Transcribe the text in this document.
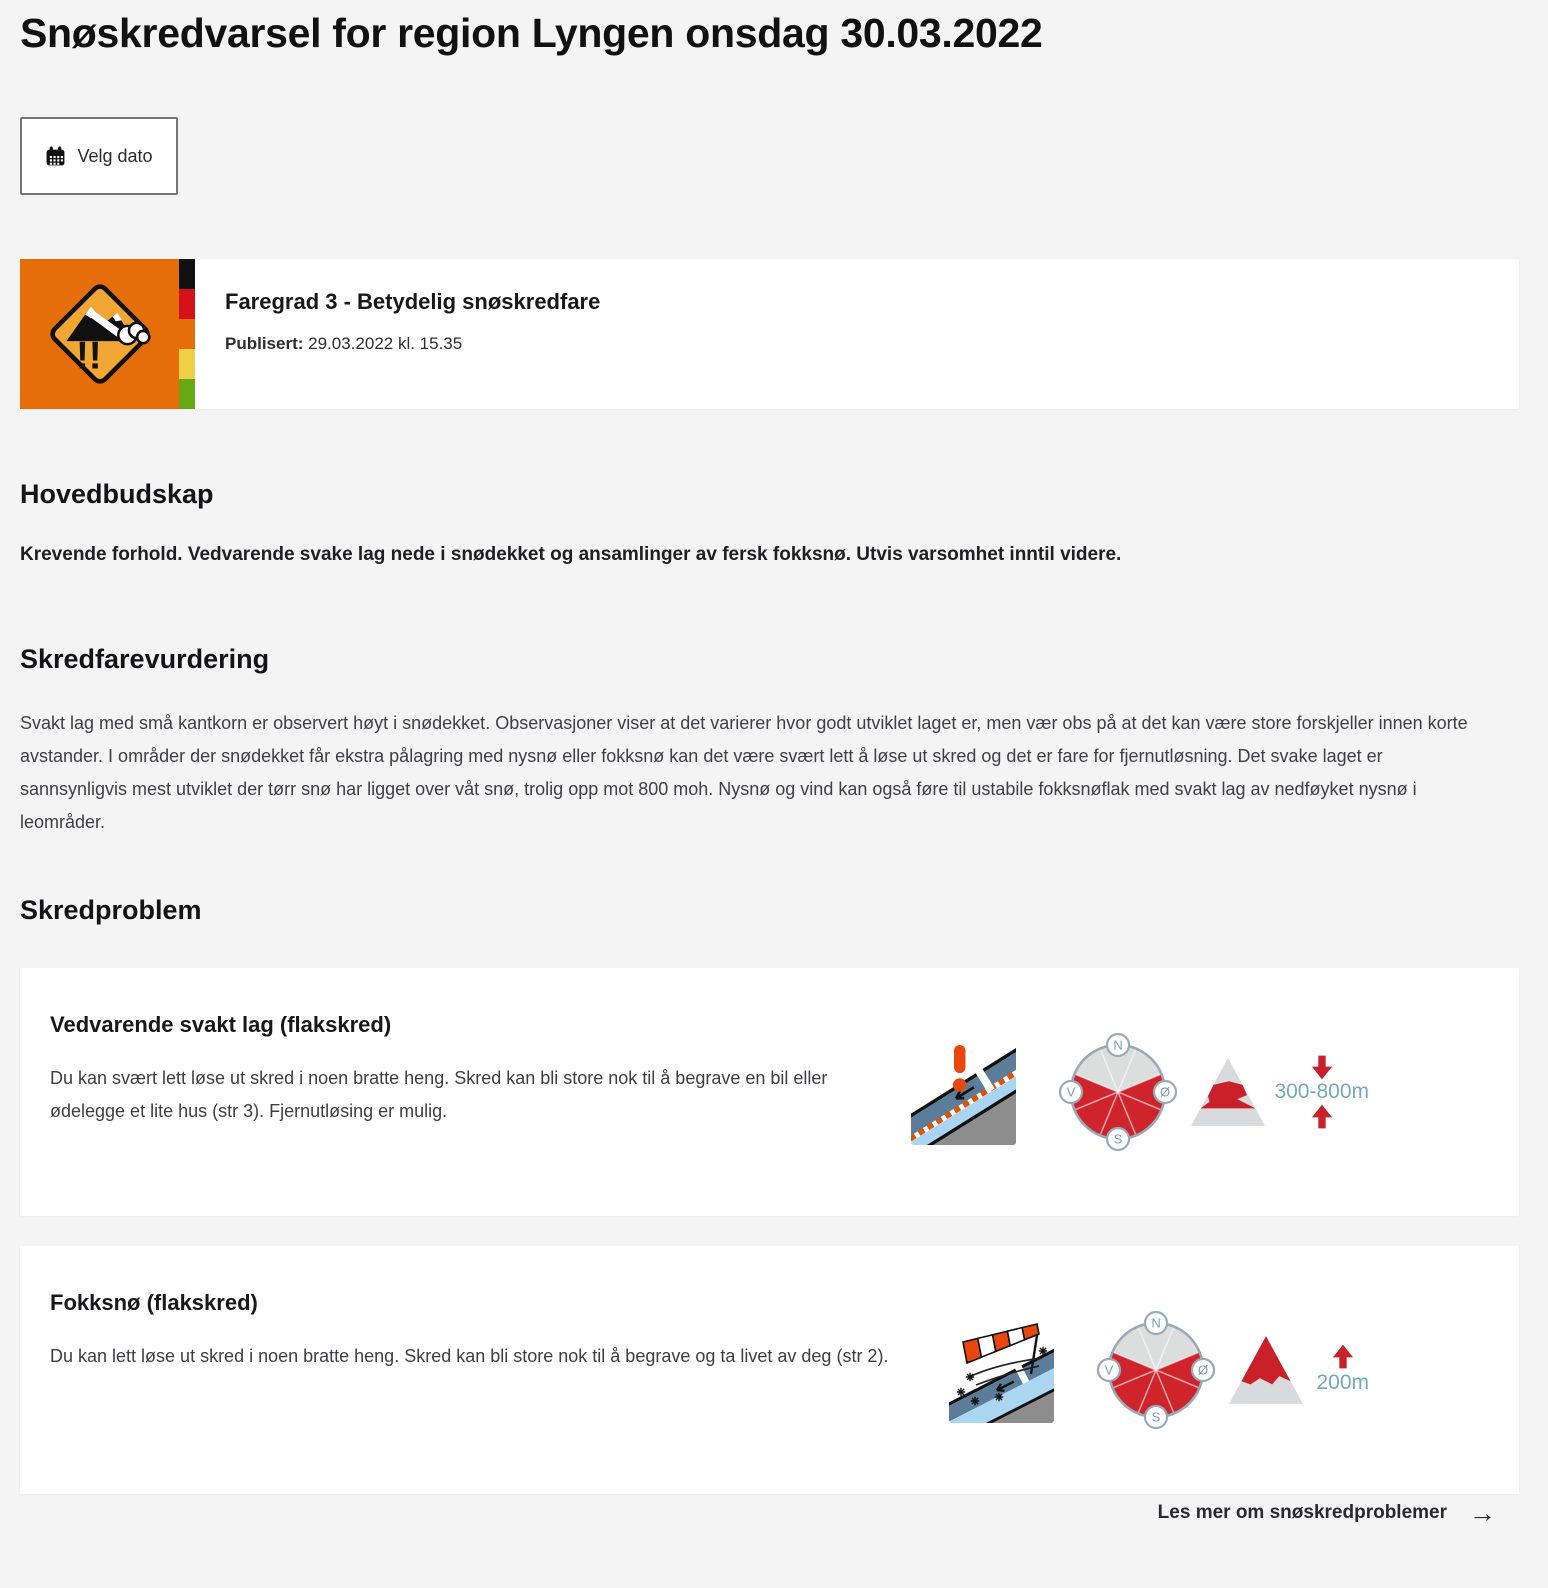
Snøskredvarsel for region Lyngen onsdag 30.03.2022
Velg dato
!!
Faregrad 3 - Betydelig snøskredfare
Publisert: 29.03.2022 kl. 15.35
Hovedbudskap

Krevende forhold. Vedvarende svake lag nede i snødekket og ansamlinger av fersk fokksnø. Utvis varsomhet inntil videre.

Skredfarevurdering

Svakt lag med små kantkorn er observert høyt i snødekket. Observasjoner viser at det varierer hvor godt utviklet laget er, men vær obs på at det kan være store forskjeller innen korte avstander. I områder der snødekket får ekstra pålagring med nysnø eller fokksnø kan det være svært lett å løse ut skred og det er fare for fjernutløsning. Det svake laget er sannsynligvis mest utviklet der tørr snø har ligget over våt snø, trolig opp mot 800 moh. Nysnø og vind kan også føre til ustabile fokksnøflak med svakt lag av nedføyket nysnø i leområder.

Skredproblem
Vedvarende svakt lag (flakskred)

Du kan svært lett løse ut skred i noen bratte heng. Skred kan bli store nok til å begrave en bil eller ødelegge et lite hus (str 3). Fjernutløsing er mulig.

N
Ø
S
V	300-800m
Fokksnø (flakskred)

Du kan lett løse ut skred i noen bratte heng. Skred kan bli store nok til å begrave og ta livet av deg (str 2).

N
Ø
S
V
200m
Les mer om snøskredproblemer →
